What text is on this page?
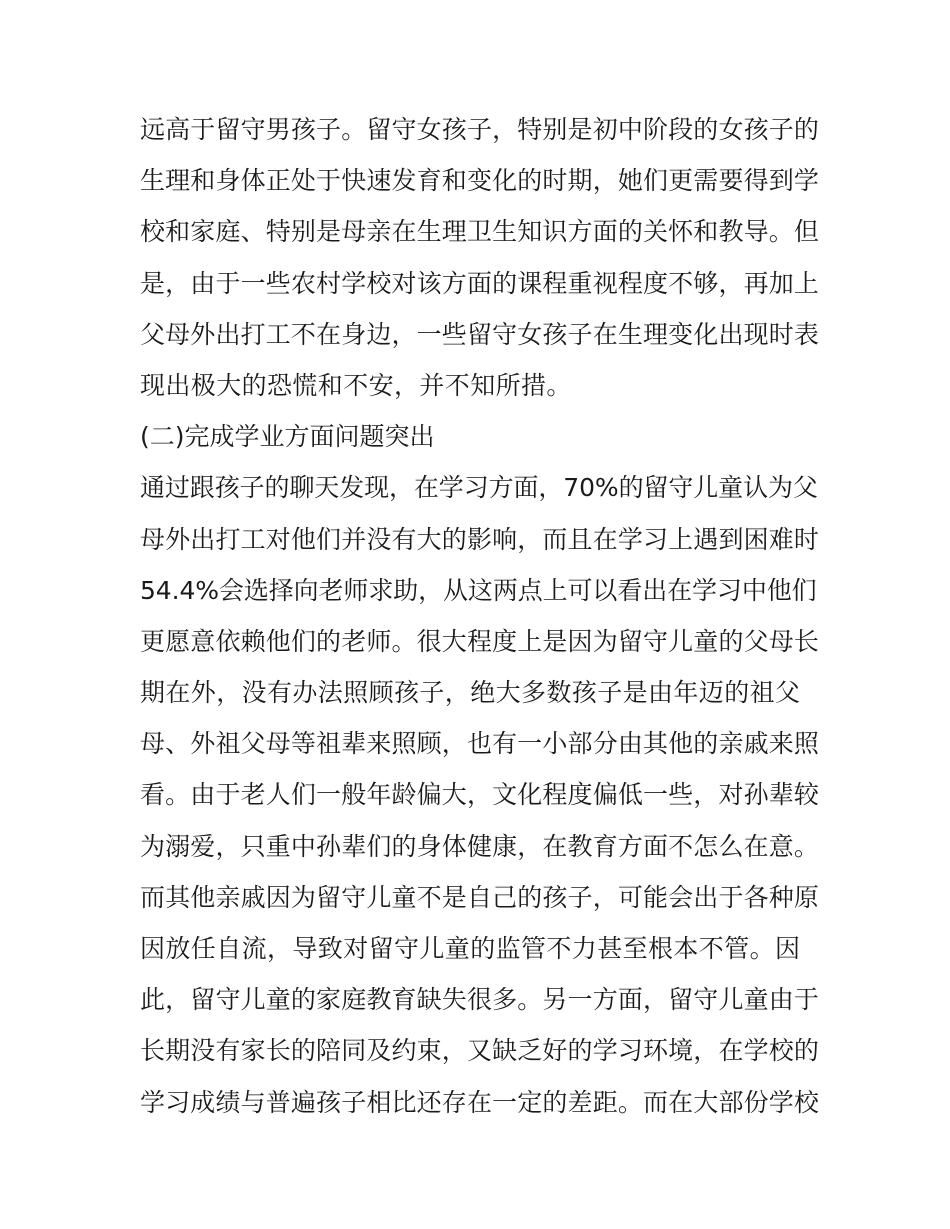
远高于留守男孩子。留守女孩子，特别是初中阶段的女孩子的
生理和身体正处于快速发育和变化的时期，她们更需要得到学
校和家庭、特别是母亲在生理卫生知识方面的关怀和教导。但
是，由于一些农村学校对该方面的课程重视程度不够，再加上
父母外出打工不在身边，一些留守女孩子在生理变化出现时表
现出极大的恐慌和不安，并不知所措。
(二)完成学业方面问题突出
通过跟孩子的聊天发现，在学习方面，70%的留守儿童认为父
母外出打工对他们并没有大的影响，而且在学习上遇到困难时
54.4%会选择向老师求助，从这两点上可以看出在学习中他们
更愿意依赖他们的老师。很大程度上是因为留守儿童的父母长
期在外，没有办法照顾孩子，绝大多数孩子是由年迈的祖父
母、外祖父母等祖辈来照顾，也有一小部分由其他的亲戚来照
看。由于老人们一般年龄偏大，文化程度偏低一些，对孙辈较
为溺爱，只重中孙辈们的身体健康，在教育方面不怎么在意。
而其他亲戚因为留守儿童不是自己的孩子，可能会出于各种原
因放任自流，导致对留守儿童的监管不力甚至根本不管。因
此，留守儿童的家庭教育缺失很多。另一方面，留守儿童由于
长期没有家长的陪同及约束，又缺乏好的学习环境，在学校的
学习成绩与普遍孩子相比还存在一定的差距。而在大部份学校
